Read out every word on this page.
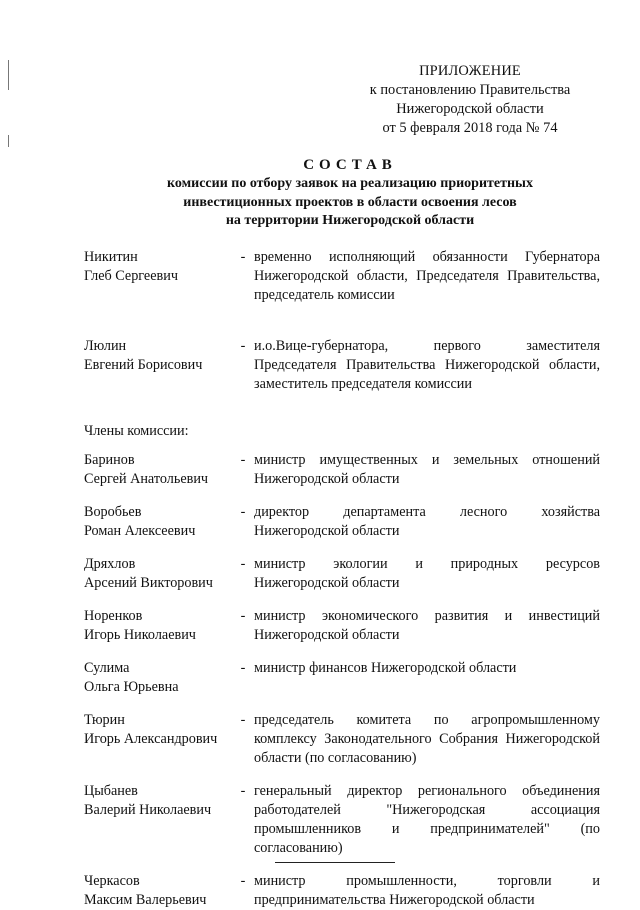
ПРИЛОЖЕНИЕ
к постановлению Правительства
Нижегородской области
от 5 февраля 2018 года № 74
СОСТАВ
комиссии по отбору заявок на реализацию приоритетных
инвестиционных проектов в области освоения лесов
на территории Нижегородской области
Никитин
Глеб Сергеевич
- временно исполняющий обязанности Губернатора Нижегородской области, Председателя Правительства, председатель комиссии
Люлин
Евгений Борисович
- и.о.Вице-губернатора, первого заместителя Председателя Правительства Нижегородской области, заместитель председателя комиссии
Члены комиссии:
Баринов
Сергей Анатольевич
- министр имущественных и земельных отношений Нижегородской области
Воробьев
Роман Алексеевич
- директор департамента лесного хозяйства Нижегородской области
Дряхлов
Арсений Викторович
- министр экологии и природных ресурсов Нижегородской области
Норенков
Игорь Николаевич
- министр экономического развития и инвестиций Нижегородской области
Сулима
Ольга Юрьевна
- министр финансов Нижегородской области
Тюрин
Игорь Александрович
- председатель комитета по агропромышленному комплексу Законодательного Собрания Нижегородской области (по согласованию)
Цыбанев
Валерий Николаевич
- генеральный директор регионального объединения работодателей "Нижегородская ассоциация промышленников и предпринимателей" (по согласованию)
Черкасов
Максим Валерьевич
- министр промышленности, торговли и предпринимательства Нижегородской области
